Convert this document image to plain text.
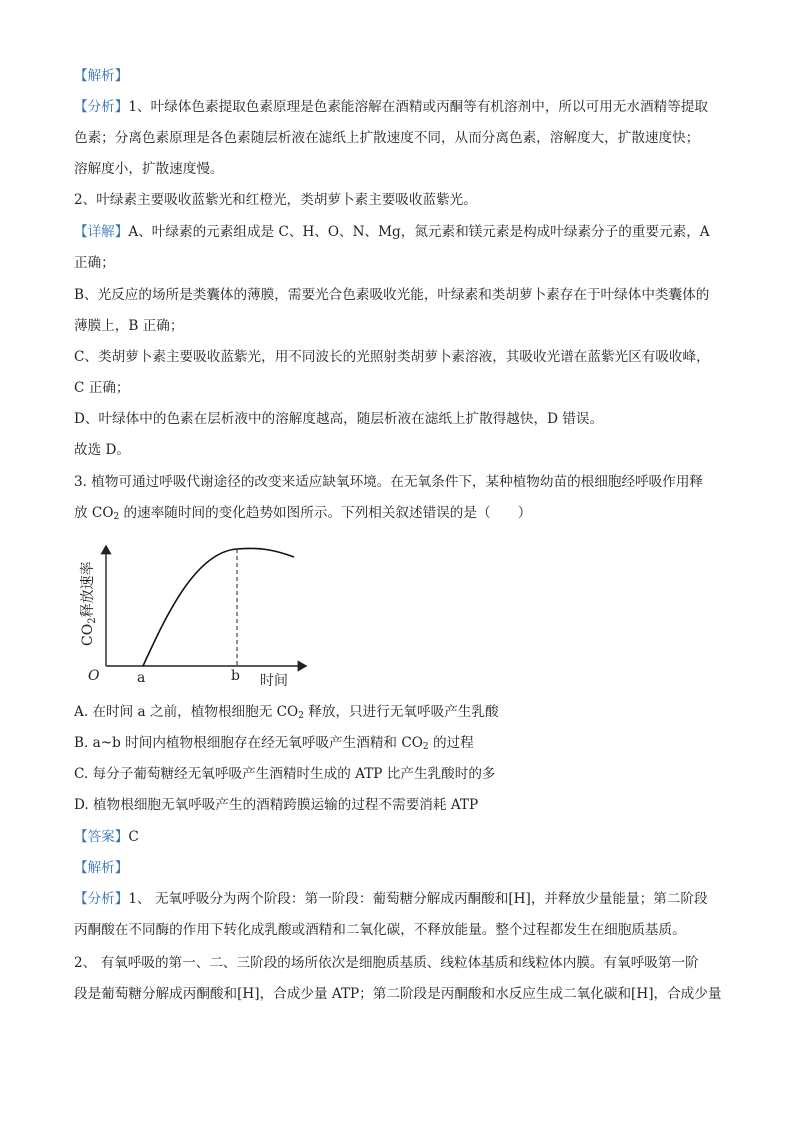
【解析】
【分析】1、叶绿体色素提取色素原理是色素能溶解在酒精或丙酮等有机溶剂中，所以可用无水酒精等提取
色素；分离色素原理是各色素随层析液在滤纸上扩散速度不同，从而分离色素，溶解度大，扩散速度快；
溶解度小，扩散速度慢。
2、叶绿素主要吸收蓝紫光和红橙光，类胡萝卜素主要吸收蓝紫光。
【详解】A、叶绿素的元素组成是 C、H、O、N、Mg，氮元素和镁元素是构成叶绿素分子的重要元素，A
正确；
B、光反应的场所是类囊体的薄膜，需要光合色素吸收光能，叶绿素和类胡萝卜素存在于叶绿体中类囊体的
薄膜上，B 正确；
C、类胡萝卜素主要吸收蓝紫光，用不同波长的光照射类胡萝卜素溶液，其吸收光谱在蓝紫光区有吸收峰，
C 正确；
D、叶绿体中的色素在层析液中的溶解度越高，随层析液在滤纸上扩散得越快，D 错误。
故选 D。
3. 植物可通过呼吸代谢途径的改变来适应缺氧环境。在无氧条件下，某种植物幼苗的根细胞经呼吸作用释
放 $CO_2$ 的速率随时间的变化趋势如图所示。下列相关叙述错误的是（　　）
O	a	b 时间
$CO_2$释放速率
A. 在时间 a 之前，植物根细胞无 $CO_2$ 释放，只进行无氧呼吸产生乳酸
B. a~b 时间内植物根细胞存在经无氧呼吸产生酒精和 $CO_2$ 的过程
C. 每分子葡萄糖经无氧呼吸产生酒精时生成的 ATP 比产生乳酸时的多
D. 植物根细胞无氧呼吸产生的酒精跨膜运输的过程不需要消耗 ATP
【答案】C
【解析】
【分析】1、 无氧呼吸分为两个阶段：第一阶段：葡萄糖分解成丙酮酸和[H]，并释放少量能量；第二阶段
丙酮酸在不同酶的作用下转化成乳酸或酒精和二氧化碳，不释放能量。整个过程都发生在细胞质基质。
2、 有氧呼吸的第一、二、三阶段的场所依次是细胞质基质、线粒体基质和线粒体内膜。有氧呼吸第一阶
段是葡萄糖分解成丙酮酸和[H]，合成少量 ATP；第二阶段是丙酮酸和水反应生成二氧化碳和[H]，合成少量
